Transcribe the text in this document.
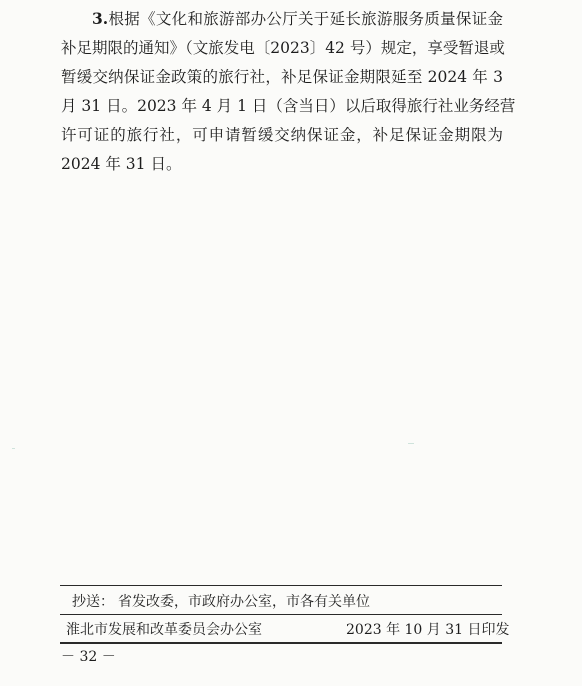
3.根据《文化和旅游部办公厅关于延长旅游服务质量保证金
补足期限的通知》（文旅发电〔2023〕42 号）规定，享受暂退或
暂缓交纳保证金政策的旅行社，补足保证金期限延至 2024 年 3
月 31 日。2023 年 4 月 1 日（含当日）以后取得旅行社业务经营
许可证的旅行社，可申请暂缓交纳保证金，补足保证金期限为
2024 年 31 日。
抄送： 省发改委，市政府办公室，市各有关单位
淮北市发展和改革委员会办公室	2023 年 10 月 31 日印发
－ 32 －
